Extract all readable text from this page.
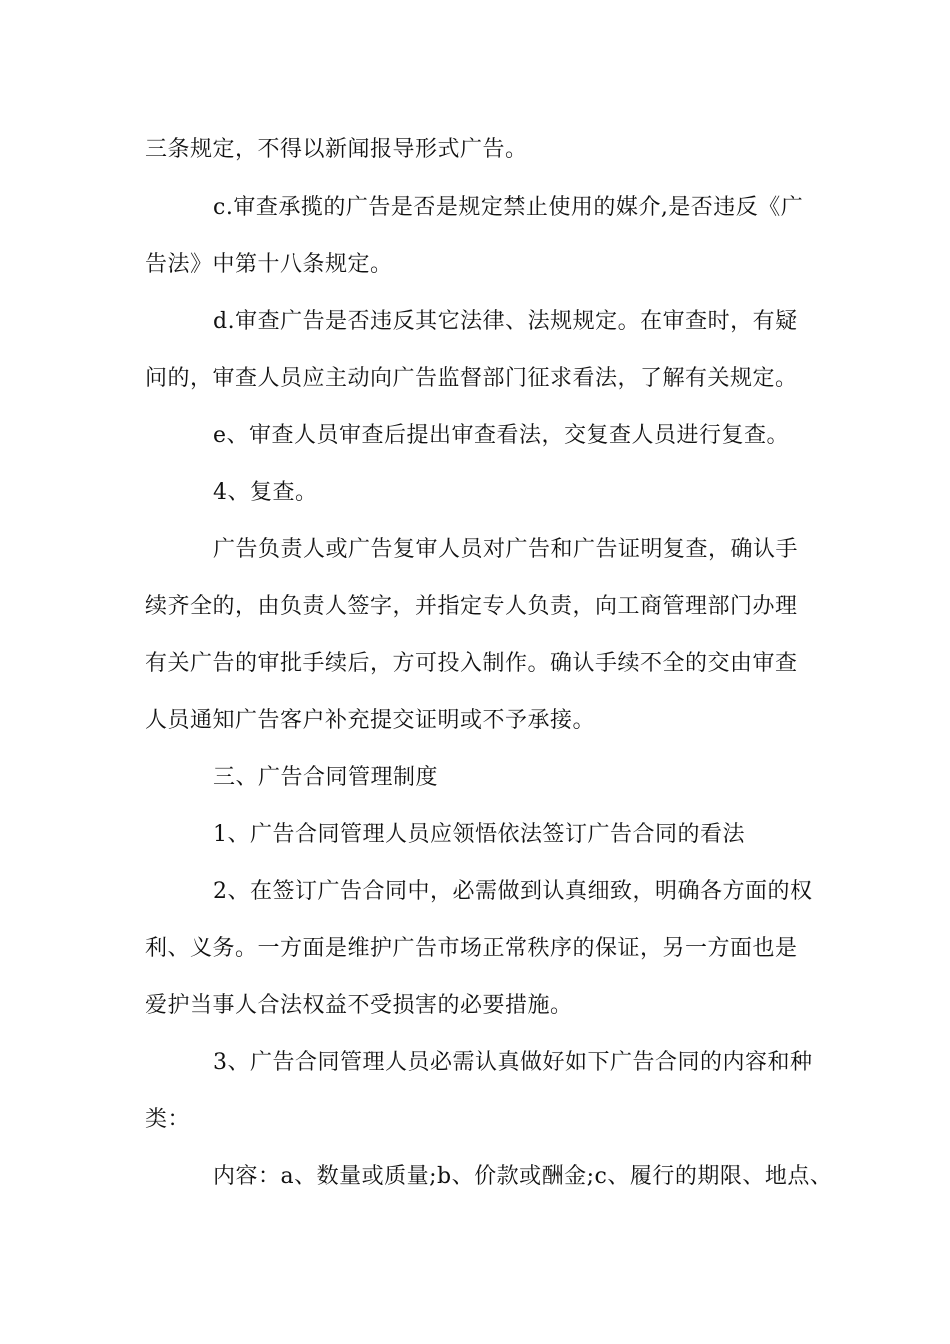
三条规定，不得以新闻报导形式广告。
c.审查承揽的广告是否是规定禁止使用的媒介,是否违反《广
告法》中第十八条规定。
d.审查广告是否违反其它法律、法规规定。在审查时，有疑
问的，审查人员应主动向广告监督部门征求看法，了解有关规定。
e、审查人员审查后提出审查看法，交复查人员进行复查。
4、复查。
广告负责人或广告复审人员对广告和广告证明复查，确认手
续齐全的，由负责人签字，并指定专人负责，向工商管理部门办理
有关广告的审批手续后，方可投入制作。确认手续不全的交由审查
人员通知广告客户补充提交证明或不予承接。
三、广告合同管理制度
1、广告合同管理人员应领悟依法签订广告合同的看法
2、在签订广告合同中，必需做到认真细致，明确各方面的权
利、义务。一方面是维护广告市场正常秩序的保证，另一方面也是
爱护当事人合法权益不受损害的必要措施。
3、广告合同管理人员必需认真做好如下广告合同的内容和种
类：
内容：a、数量或质量;b、价款或酬金;c、履行的期限、地点、
